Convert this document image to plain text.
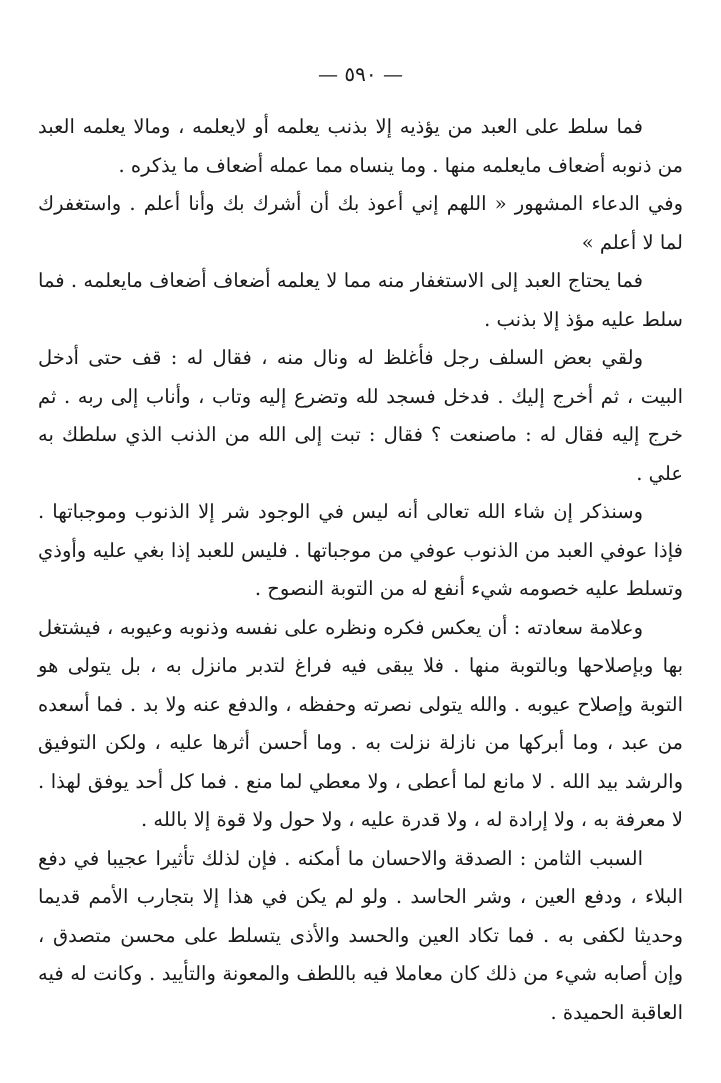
— ٥٩٠ —

فما سلط على العبد من يؤذيه إلا بذنب يعلمه أو لايعلمه ، ومالا يعلمه العبد من ذنوبه أضعاف مايعلمه منها . وما ينساه مما عمله أضعاف ما يذكره .

وفي الدعاء المشهور « اللهم إني أعوذ بك أن أشرك بك وأنا أعلم . واستغفرك لما لا أعلم »

فما يحتاج العبد إلى الاستغفار منه مما لا يعلمه أضعاف أضعاف مايعلمه . فما سلط عليه مؤذ إلا بذنب .

ولقي بعض السلف رجل فأغلظ له ونال منه ، فقال له : قف حتى أدخل البيت ، ثم أخرج إليك . فدخل فسجد لله وتضرع إليه وتاب ، وأناب إلى ربه . ثم خرج إليه فقال له : ماصنعت ؟ فقال : تبت إلى الله من الذنب الذي سلطك به علي .

وسنذكر إن شاء الله تعالى أنه ليس في الوجود شر إلا الذنوب وموجباتها . فإذا عوفي العبد من الذنوب عوفي من موجباتها . فليس للعبد إذا بغي عليه وأوذي وتسلط عليه خصومه شيء أنفع له من التوبة النصوح .

وعلامة سعادته : أن يعكس فكره ونظره على نفسه وذنوبه وعيوبه ، فيشتغل بها وبإصلاحها وبالتوبة منها . فلا يبقى فيه فراغ لتدبر مانزل به ، بل يتولى هو التوبة وإصلاح عيوبه . والله يتولى نصرته وحفظه ، والدفع عنه ولا بد . فما أسعده من عبد ، وما أبركها من نازلة نزلت به . وما أحسن أثرها عليه ، ولكن التوفيق والرشد بيد الله . لا مانع لما أعطى ، ولا معطي لما منع . فما كل أحد يوفق لهذا . لا معرفة به ، ولا إرادة له ، ولا قدرة عليه ، ولا حول ولا قوة إلا بالله .

السبب الثامن : الصدقة والاحسان ما أمكنه . فإن لذلك تأثيرا عجيبا في دفع البلاء ، ودفع العين ، وشر الحاسد . ولو لم يكن في هذا إلا بتجارب الأمم قديما وحديثا لكفى به . فما تكاد العين والحسد والأذى يتسلط على محسن متصدق ، وإن أصابه شيء من ذلك كان معاملا فيه باللطف والمعونة والتأييد . وكانت له فيه العاقبة الحميدة .
